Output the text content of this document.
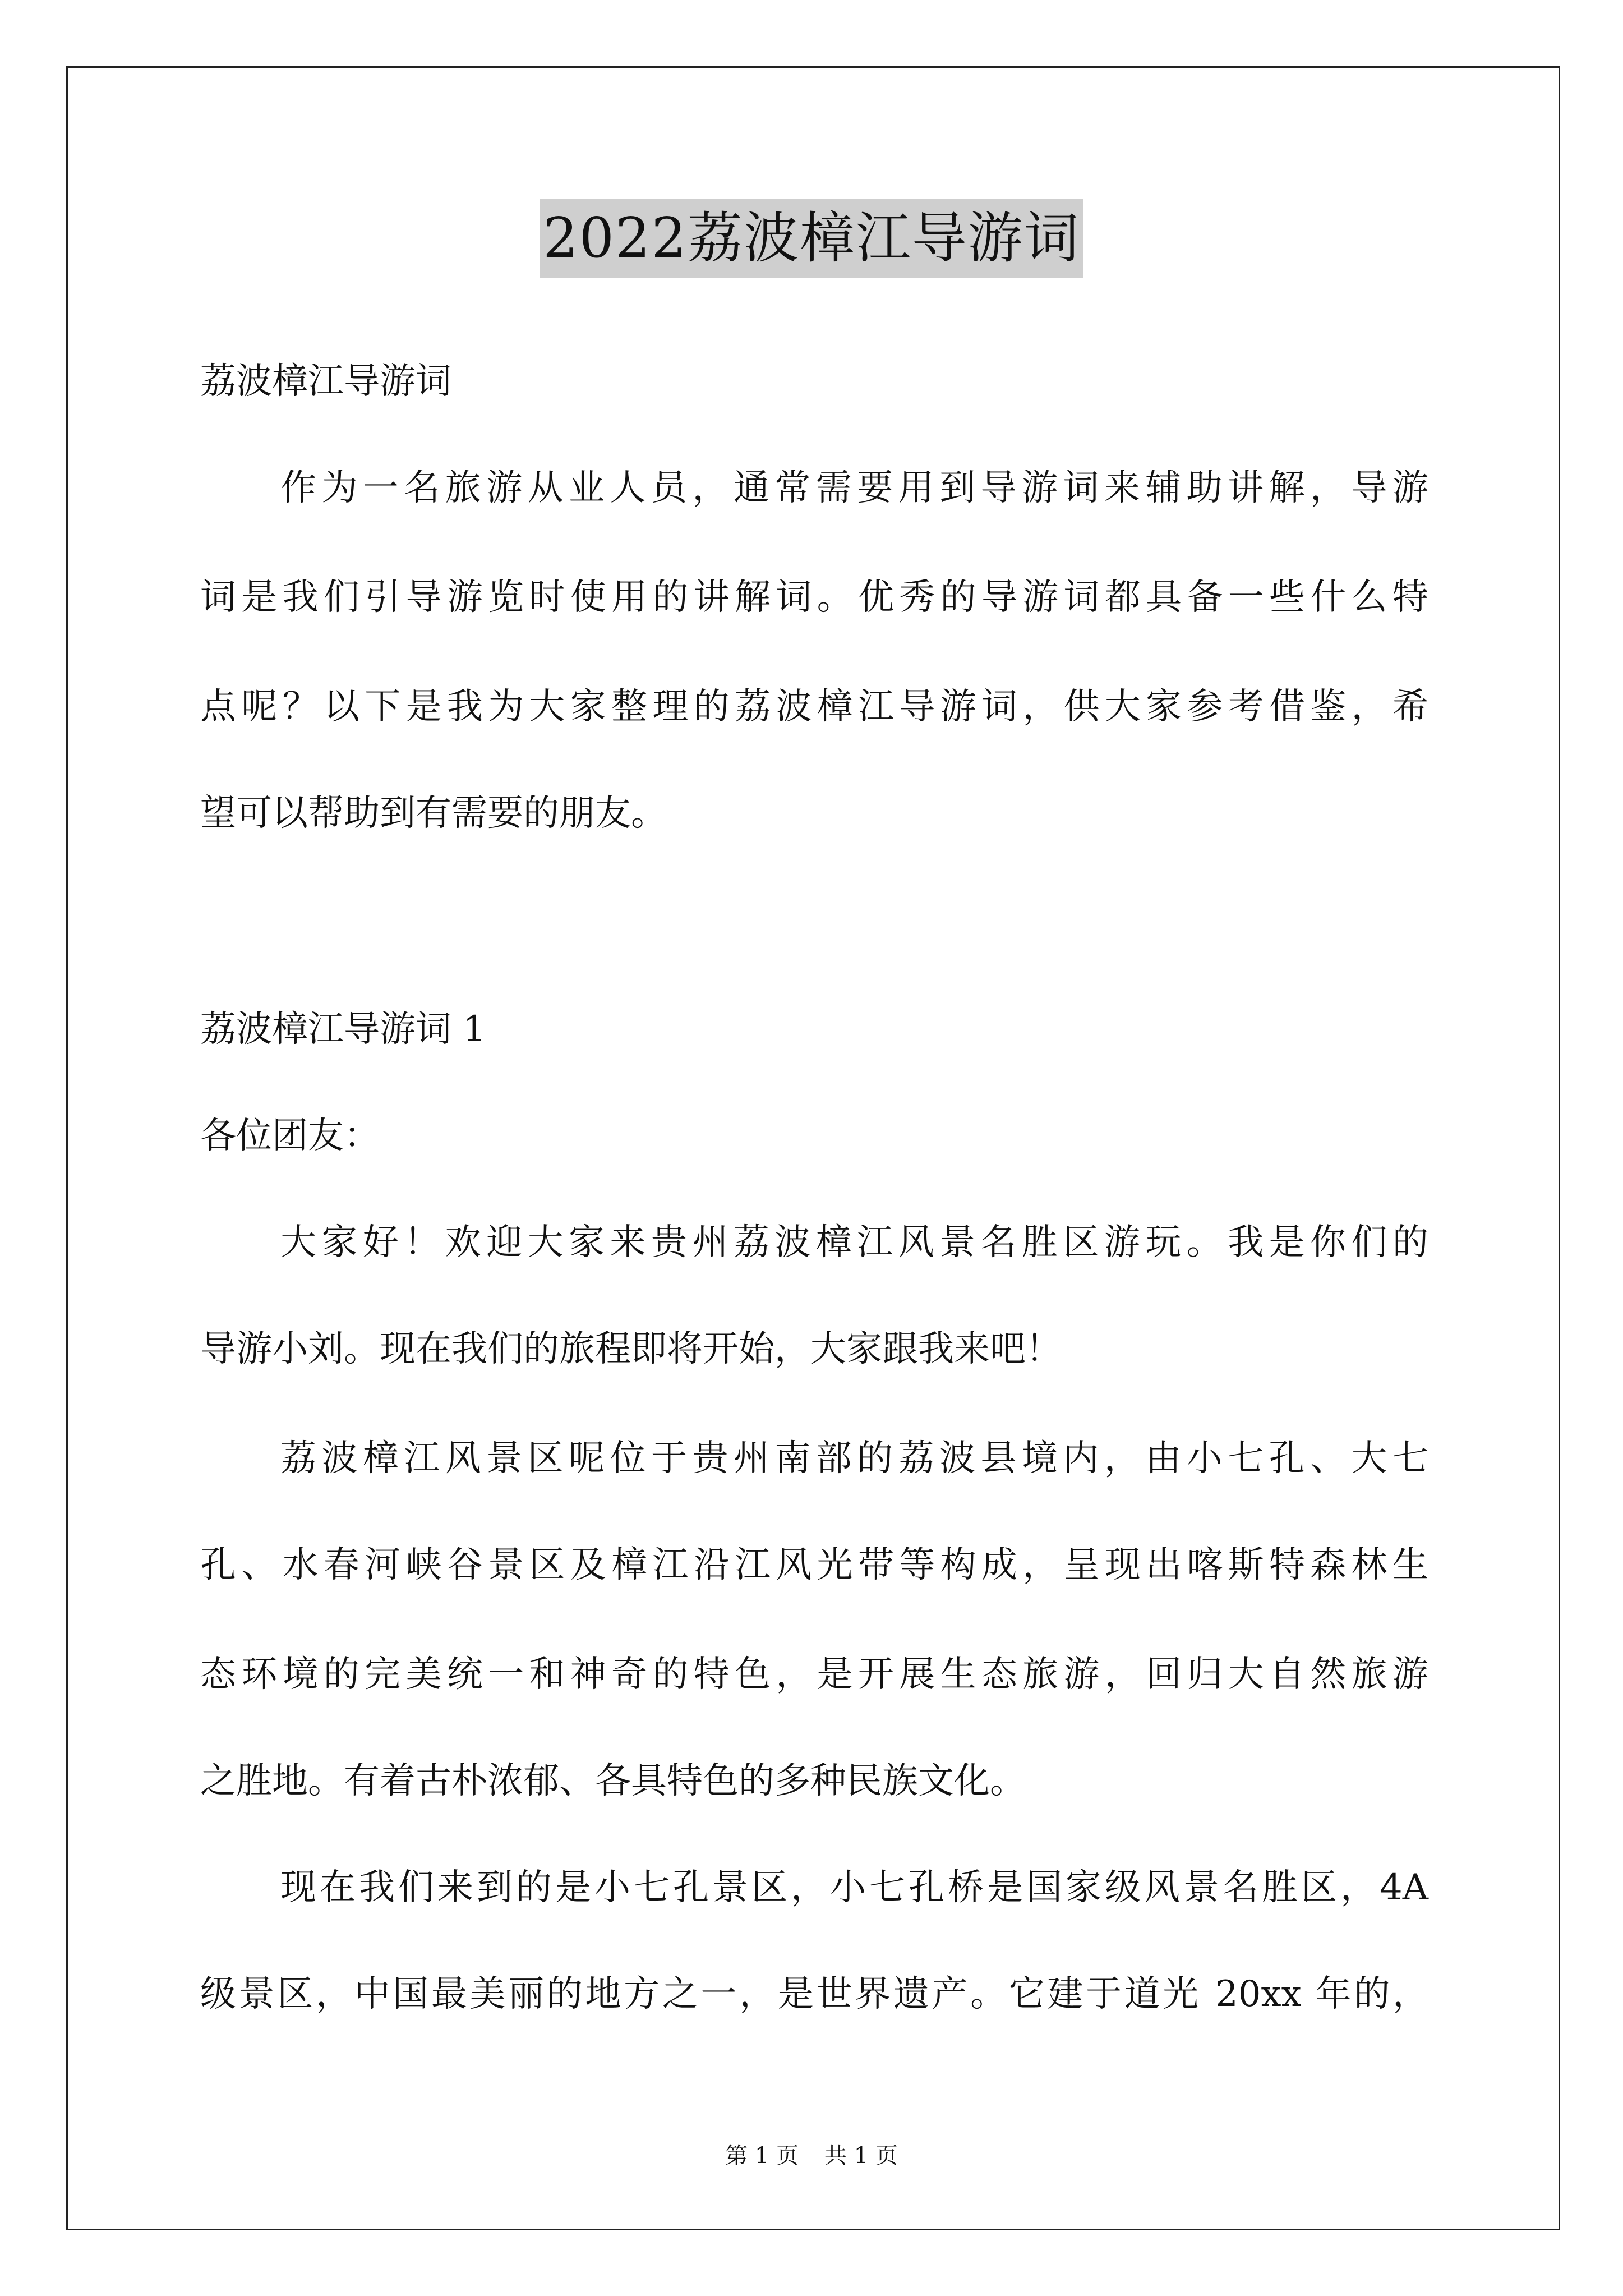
2022荔波樟江导游词
荔波樟江导游词
作为一名旅游从业人员，通常需要用到导游词来辅助讲解，导游
词是我们引导游览时使用的讲解词。优秀的导游词都具备一些什么特
点呢？以下是我为大家整理的荔波樟江导游词，供大家参考借鉴，希
望可以帮助到有需要的朋友。
荔波樟江导游词 1
各位团友：
大家好！欢迎大家来贵州荔波樟江风景名胜区游玩。我是你们的
导游小刘。现在我们的旅程即将开始，大家跟我来吧！
荔波樟江风景区呢位于贵州南部的荔波县境内，由小七孔、大七
孔、水春河峡谷景区及樟江沿江风光带等构成，呈现出喀斯特森林生
态环境的完美统一和神奇的特色，是开展生态旅游，回归大自然旅游
之胜地。有着古朴浓郁、各具特色的多种民族文化。
现在我们来到的是小七孔景区，小七孔桥是国家级风景名胜区，4A
级景区，中国最美丽的地方之一，是世界遗产。它建于道光 20xx 年的，
第 1 页 共 1 页
